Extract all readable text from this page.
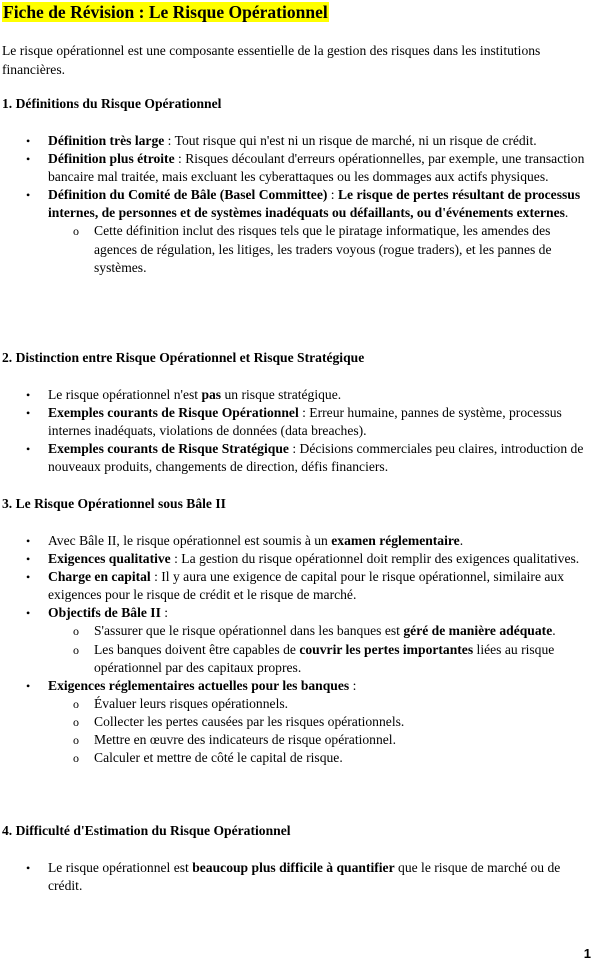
Fiche de Révision : Le Risque Opérationnel
Le risque opérationnel est une composante essentielle de la gestion des risques dans les institutions financières.
1. Définitions du Risque Opérationnel
• Définition très large : Tout risque qui n'est ni un risque de marché, ni un risque de crédit.
• Définition plus étroite : Risques découlant d'erreurs opérationnelles, par exemple, une transaction bancaire mal traitée, mais excluant les cyberattaques ou les dommages aux actifs physiques.
• Définition du Comité de Bâle (Basel Committee) : Le risque de pertes résultant de processus internes, de personnes et de systèmes inadéquats ou défaillants, ou d'événements externes.
o Cette définition inclut des risques tels que le piratage informatique, les amendes des agences de régulation, les litiges, les traders voyous (rogue traders), et les pannes de systèmes.
2. Distinction entre Risque Opérationnel et Risque Stratégique
• Le risque opérationnel n'est pas un risque stratégique.
• Exemples courants de Risque Opérationnel : Erreur humaine, pannes de système, processus internes inadéquats, violations de données (data breaches).
• Exemples courants de Risque Stratégique : Décisions commerciales peu claires, introduction de nouveaux produits, changements de direction, défis financiers.
3. Le Risque Opérationnel sous Bâle II
• Avec Bâle II, le risque opérationnel est soumis à un examen réglementaire.
• Exigences qualitative : La gestion du risque opérationnel doit remplir des exigences qualitatives.
• Charge en capital : Il y aura une exigence de capital pour le risque opérationnel, similaire aux exigences pour le risque de crédit et le risque de marché.
• Objectifs de Bâle II :
o S'assurer que le risque opérationnel dans les banques est géré de manière adéquate.
o Les banques doivent être capables de couvrir les pertes importantes liées au risque opérationnel par des capitaux propres.
• Exigences réglementaires actuelles pour les banques :
o Évaluer leurs risques opérationnels.
o Collecter les pertes causées par les risques opérationnels.
o Mettre en œuvre des indicateurs de risque opérationnel.
o Calculer et mettre de côté le capital de risque.
4. Difficulté d'Estimation du Risque Opérationnel
• Le risque opérationnel est beaucoup plus difficile à quantifier que le risque de marché ou de crédit.
1
